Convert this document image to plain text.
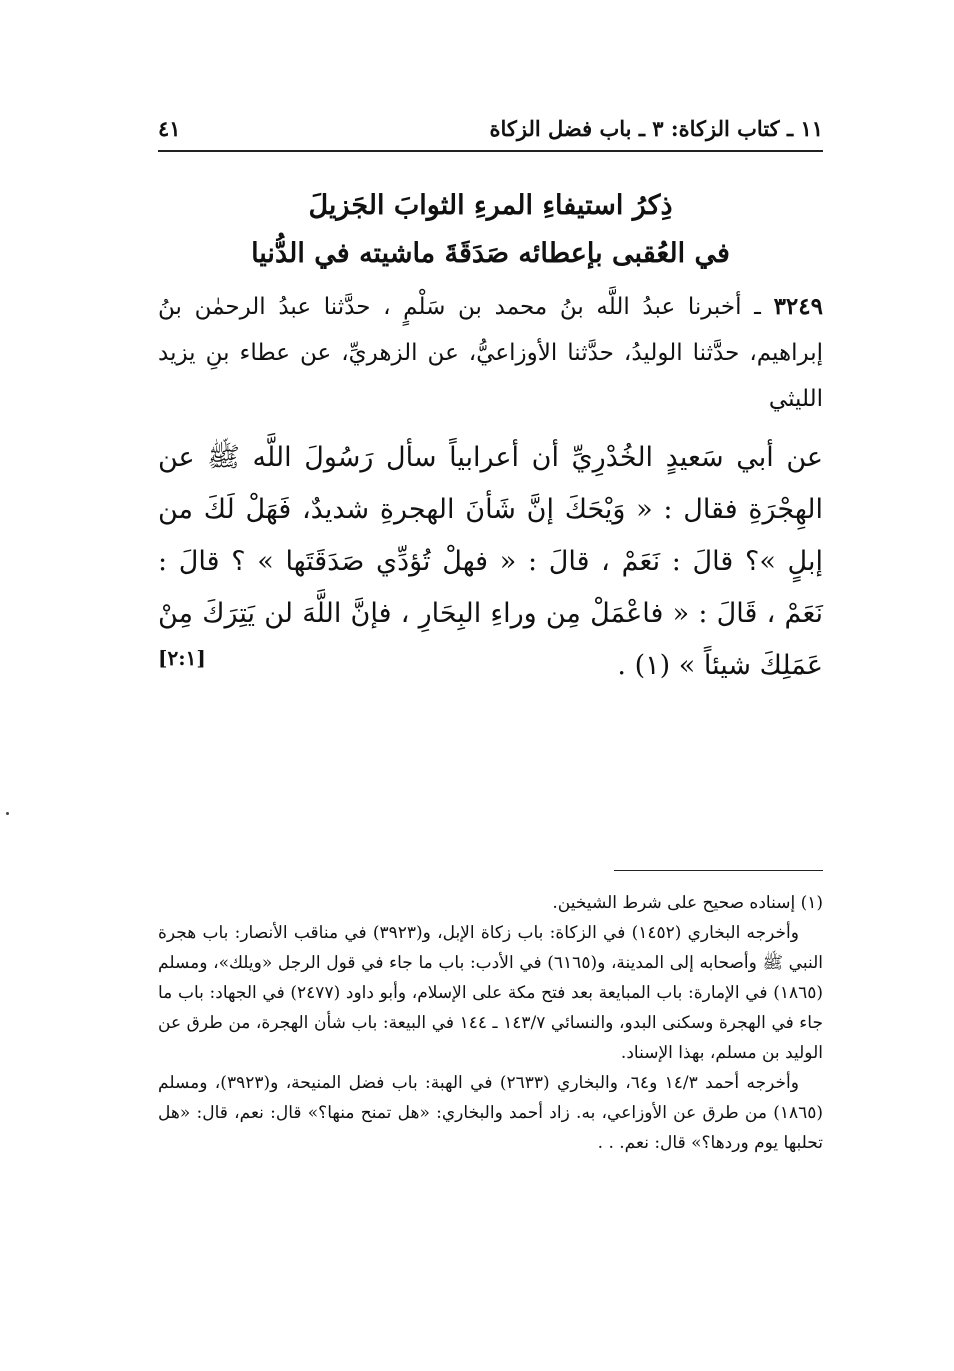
١١ ـ كتاب الزكاة: ٣ ـ باب فضل الزكاة
٤١
ذِكرُ استيفاءِ المرءِ الثوابَ الجَزيلَ
في العُقبى بإعطائه صَدَقَةَ ماشيته في الدُّنيا
٣٢٤٩ ـ أخبرنا عبدُ اللَّه بنُ محمد بن سَلْمٍ ، حدَّثنا عبدُ الرحمٰن بنُ إبراهيم، حدَّثنا الوليدُ، حدَّثنا الأوزاعيُّ، عن الزهريِّ، عن عطاء بنِ يزيد الليثي
عن أبي سَعيدٍ الخُدْرِيِّ أن أعرابياً سأل رَسُولَ اللَّه ﷺ عن الهِجْرَةِ فقال : « وَيْحَكَ إنَّ شَأنَ الهجرةِ شديدٌ، فَهَلْ لَكَ من إبلٍ »؟ قالَ : نَعَمْ ، قالَ : « فهلْ تُؤدِّي صَدَقَتَها » ؟ قالَ : نَعَمْ ، قَالَ : « فاعْمَلْ مِن وراءِ البِحَارِ ، فإنَّ اللَّهَ لن يَتِرَكَ مِنْ عَمَلِكَ شيئاً » (١) .
[٢:١]

(١) إسناده صحيح على شرط الشيخين.

وأخرجه البخاري (١٤٥٢) في الزكاة: باب زكاة الإبل، و(٣٩٢٣) في مناقب الأنصار: باب هجرة النبي ﷺ وأصحابه إلى المدينة، و(٦١٦٥) في الأدب: باب ما جاء في قول الرجل «ويلك»، ومسلم (١٨٦٥) في الإمارة: باب المبايعة بعد فتح مكة على الإسلام، وأبو داود (٢٤٧٧) في الجهاد: باب ما جاء في الهجرة وسكنى البدو، والنسائي ١٤٣/٧ ـ ١٤٤ في البيعة: باب شأن الهجرة، من طرق عن الوليد بن مسلم، بهذا الإسناد.

وأخرجه أحمد ١٤/٣ و٦٤، والبخاري (٢٦٣٣) في الهبة: باب فضل المنيحة، و(٣٩٢٣)، ومسلم (١٨٦٥) من طرق عن الأوزاعي، به. زاد أحمد والبخاري: «هل تمنح منها؟» قال: نعم، قال: «هل تحلبها يوم وردها؟» قال: نعم. . .
